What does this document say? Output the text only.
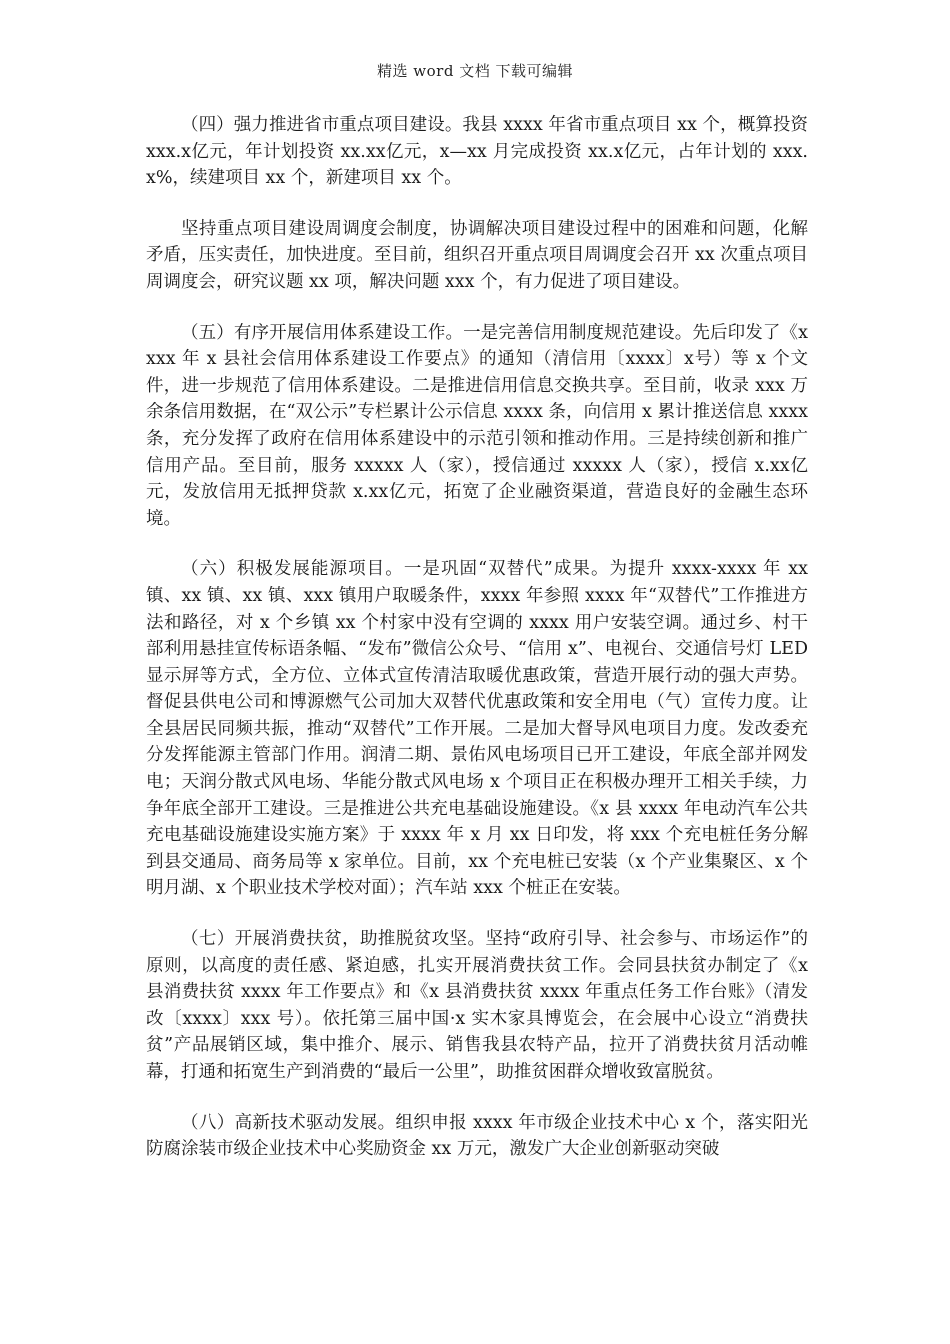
精选 word 文档 下载可编辑

（四）强力推进省市重点项目建设。我县 xxxx 年省市重点项目 xx 个，概算投资 xxx.x亿元，年计划投资 xx.xx亿元，x—xx 月完成投资 xx.x亿元，占年计划的 xxx.x%，续建项目 xx 个，新建项目 xx 个。

坚持重点项目建设周调度会制度，协调解决项目建设过程中的困难和问题，化解矛盾，压实责任，加快进度。至目前，组织召开重点项目周调度会召开 xx 次重点项目周调度会，研究议题 xx 项，解决问题 xxx 个，有力促进了项目建设。

（五）有序开展信用体系建设工作。一是完善信用制度规范建设。先后印发了《xxxx 年 x 县社会信用体系建设工作要点》的通知（清信用〔xxxx〕x号）等 x 个文件，进一步规范了信用体系建设。二是推进信用信息交换共享。至目前，收录 xxx 万余条信用数据，在“双公示”专栏累计公示信息 xxxx 条，向信用 x 累计推送信息 xxxx 条，充分发挥了政府在信用体系建设中的示范引领和推动作用。三是持续创新和推广信用产品。至目前，服务 xxxxx 人（家），授信通过 xxxxx 人（家），授信 x.xx亿元，发放信用无抵押贷款 x.xx亿元，拓宽了企业融资渠道，营造良好的金融生态环境。

（六）积极发展能源项目。一是巩固“双替代”成果。为提升 xxxx-xxxx 年 xx 镇、xx 镇、xx 镇、xxx 镇用户取暖条件，xxxx 年参照 xxxx 年“双替代”工作推进方法和路径，对 x 个乡镇 xx 个村家中没有空调的 xxxx 用户安装空调。通过乡、村干部利用悬挂宣传标语条幅、“发布”微信公众号、“信用 x”、电视台、交通信号灯 LED 显示屏等方式，全方位、立体式宣传清洁取暖优惠政策，营造开展行动的强大声势。督促县供电公司和博源燃气公司加大双替代优惠政策和安全用电（气）宣传力度。让全县居民同频共振，推动“双替代”工作开展。二是加大督导风电项目力度。发改委充分发挥能源主管部门作用。润清二期、景佑风电场项目已开工建设，年底全部并网发电；天润分散式风电场、华能分散式风电场 x 个项目正在积极办理开工相关手续，力争年底全部开工建设。三是推进公共充电基础设施建设。《x 县 xxxx 年电动汽车公共充电基础设施建设实施方案》于 xxxx 年 x 月 xx 日印发，将 xxx 个充电桩任务分解到县交通局、商务局等 x 家单位。目前，xx 个充电桩已安装（x 个产业集聚区、x 个明月湖、x 个职业技术学校对面）；汽车站 xxx 个桩正在安装。

（七）开展消费扶贫，助推脱贫攻坚。坚持“政府引导、社会参与、市场运作”的原则，以高度的责任感、紧迫感，扎实开展消费扶贫工作。会同县扶贫办制定了《x 县消费扶贫 xxxx 年工作要点》和《x 县消费扶贫 xxxx 年重点任务工作台账》（清发改〔xxxx〕xxx 号）。依托第三届中国·x 实木家具博览会，在会展中心设立“消费扶贫”产品展销区域，集中推介、展示、销售我县农特产品，拉开了消费扶贫月活动帷幕，打通和拓宽生产到消费的“最后一公里”，助推贫困群众增收致富脱贫。

（八）高新技术驱动发展。组织申报 xxxx 年市级企业技术中心 x 个，落实阳光防腐涂装市级企业技术中心奖励资金 xx 万元，激发广大企业创新驱动突破
